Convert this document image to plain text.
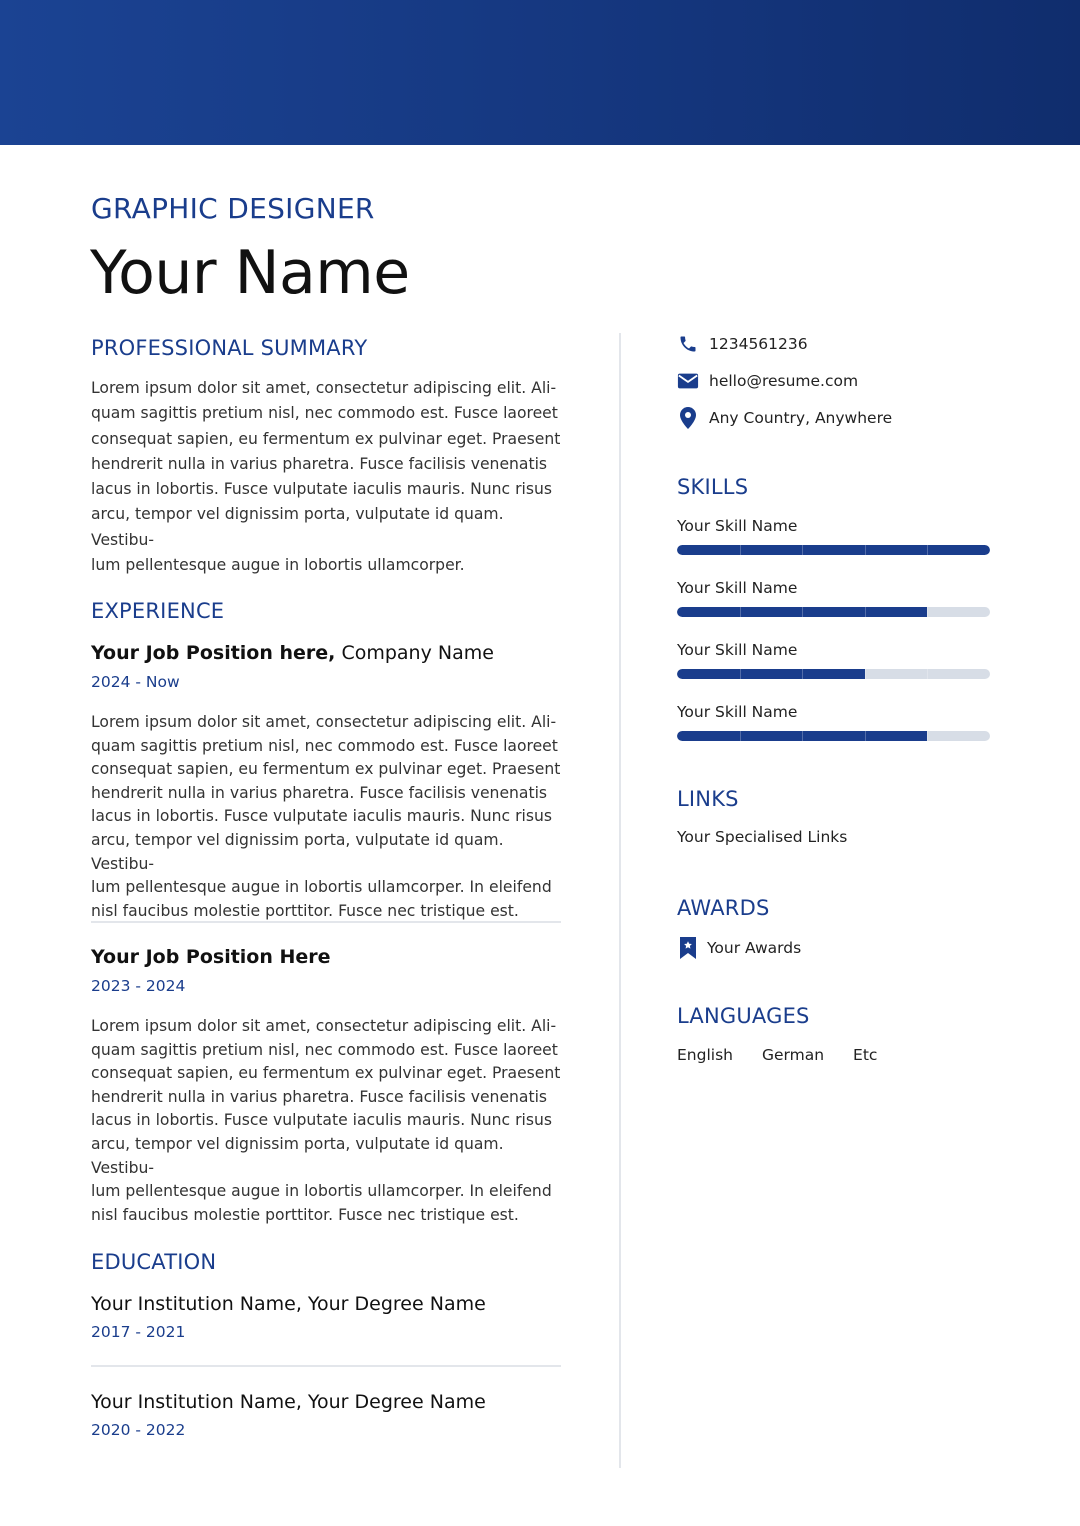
GRAPHIC DESIGNER
Your Name
PROFESSIONAL SUMMARY
Lorem ipsum dolor sit amet, consectetur adipiscing elit. Ali-
quam sagittis pretium nisl, nec commodo est. Fusce laoreet
consequat sapien, eu fermentum ex pulvinar eget. Praesent
hendrerit nulla in varius pharetra. Fusce facilisis venenatis
lacus in lobortis. Fusce vulputate iaculis mauris. Nunc risus
arcu, tempor vel dignissim porta, vulputate id quam. Vestibu-
lum pellentesque augue in lobortis ullamcorper.
EXPERIENCE
Your Job Position here, Company Name
2024 - Now
Lorem ipsum dolor sit amet, consectetur adipiscing elit. Ali-
quam sagittis pretium nisl, nec commodo est. Fusce laoreet
consequat sapien, eu fermentum ex pulvinar eget. Praesent
hendrerit nulla in varius pharetra. Fusce facilisis venenatis
lacus in lobortis. Fusce vulputate iaculis mauris. Nunc risus
arcu, tempor vel dignissim porta, vulputate id quam. Vestibu-
lum pellentesque augue in lobortis ullamcorper. In eleifend
nisl faucibus molestie porttitor. Fusce nec tristique est.
Your Job Position Here
2023 - 2024
Lorem ipsum dolor sit amet, consectetur adipiscing elit. Ali-
quam sagittis pretium nisl, nec commodo est. Fusce laoreet
consequat sapien, eu fermentum ex pulvinar eget. Praesent
hendrerit nulla in varius pharetra. Fusce facilisis venenatis
lacus in lobortis. Fusce vulputate iaculis mauris. Nunc risus
arcu, tempor vel dignissim porta, vulputate id quam. Vestibu-
lum pellentesque augue in lobortis ullamcorper. In eleifend
nisl faucibus molestie porttitor. Fusce nec tristique est.
EDUCATION
Your Institution Name, Your Degree Name
2017 - 2021
Your Institution Name, Your Degree Name
2020 - 2022
1234561236
hello@resume.com
Any Country, Anywhere
SKILLS
Your Skill Name
Your Skill Name
Your Skill Name
Your Skill Name
LINKS
Your Specialised Links
AWARDS
Your Awards
LANGUAGES
English German Etc
